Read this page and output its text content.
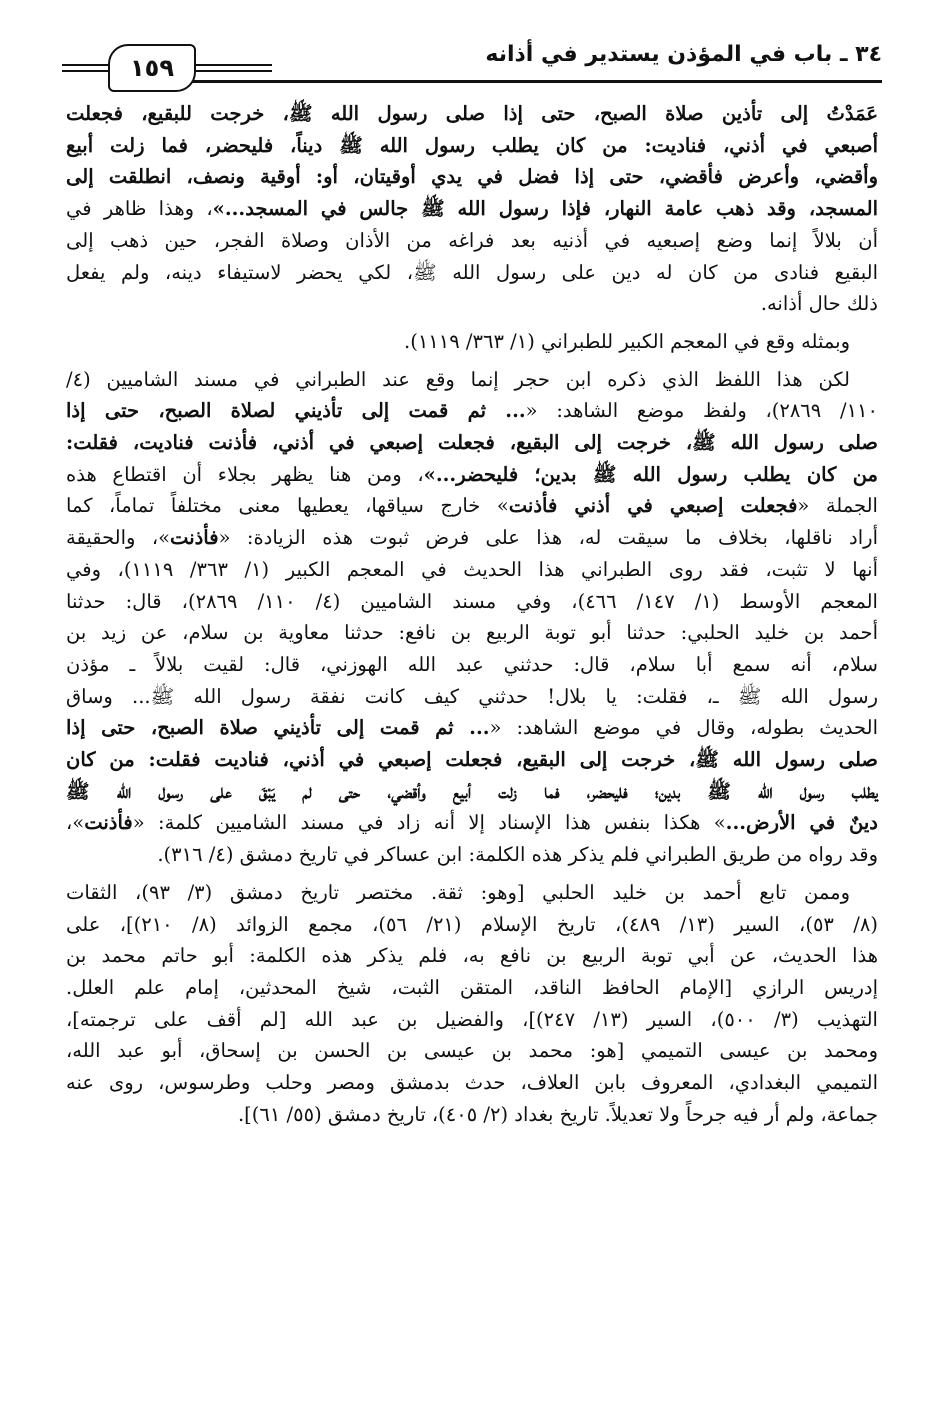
٣٤ ـ باب في المؤذن يستدير في أذانه
١٥٩
عَمَدْتُ إلى تأذين صلاة الصبح، حتى إذا صلى رسول الله ﷺ، خرجت للبقيع، فجعلت
أصبعي في أذني، فناديت: من كان يطلب رسول الله ﷺ ديناً، فليحضر، فما زلت أبيع
وأقضي، وأعرض فأقضي، حتى إذا فضل في يدي أوقيتان، أو: أوقية ونصف، انطلقت إلى
المسجد، وقد ذهب عامة النهار، فإذا رسول الله ﷺ جالس في المسجد...»، وهذا ظاهر في
أن بلالاً إنما وضع إصبعيه في أذنيه بعد فراغه من الأذان وصلاة الفجر، حين ذهب إلى
البقيع فنادى من كان له دين على رسول الله ﷺ، لكي يحضر لاستيفاء دينه، ولم يفعل
ذلك حال أذانه.
وبمثله وقع في المعجم الكبير للطبراني (١/ ٣٦٣/ ١١١٩).
لكن هذا اللفظ الذي ذكره ابن حجر إنما وقع عند الطبراني في مسند الشاميين (٤/
١١٠/ ٢٨٦٩)، ولفظ موضع الشاهد: «... ثم قمت إلى تأذيني لصلاة الصبح، حتى إذا
صلى رسول الله ﷺ، خرجت إلى البقيع، فجعلت إصبعي في أذني، فأذنت فناديت، فقلت:
من كان يطلب رسول الله ﷺ بدين؛ فليحضر...»، ومن هنا يظهر بجلاء أن اقتطاع هذه
الجملة «فجعلت إصبعي في أذني فأذنت» خارج سياقها، يعطيها معنى مختلفاً تماماً، كما
أراد ناقلها، بخلاف ما سيقت له، هذا على فرض ثبوت هذه الزيادة: «فأذنت»، والحقيقة
أنها لا تثبت، فقد روى الطبراني هذا الحديث في المعجم الكبير (١/ ٣٦٣/ ١١١٩)، وفي
المعجم الأوسط (١/ ١٤٧/ ٤٦٦)، وفي مسند الشاميين (٤/ ١١٠/ ٢٨٦٩)، قال: حدثنا
أحمد بن خليد الحلبي: حدثنا أبو توبة الربيع بن نافع: حدثنا معاوية بن سلام، عن زيد بن
سلام، أنه سمع أبا سلام، قال: حدثني عبد الله الهوزني، قال: لقيت بلالاً ـ مؤذن
رسول الله ﷺ ـ، فقلت: يا بلال! حدثني كيف كانت نفقة رسول الله ﷺ... وساق
الحديث بطوله، وقال في موضع الشاهد: «... ثم قمت إلى تأذيني صلاة الصبح، حتى إذا
صلى رسول الله ﷺ، خرجت إلى البقيع، فجعلت إصبعي في أذني، فناديت فقلت: من كان
يطلب رسول الله ﷺ بدين؛ فليحضر، فما زلت أبيع وأقضي، حتى لم يَبْقَ على رسول الله ﷺ
دينٌ في الأرض...» هكذا بنفس هذا الإسناد إلا أنه زاد في مسند الشاميين كلمة: «فأذنت»،
وقد رواه من طريق الطبراني فلم يذكر هذه الكلمة: ابن عساكر في تاريخ دمشق (٤/ ٣١٦).
وممن تابع أحمد بن خليد الحلبي [وهو: ثقة. مختصر تاريخ دمشق (٣/ ٩٣)، الثقات
(٨/ ٥٣)، السير (١٣/ ٤٨٩)، تاريخ الإسلام (٢١/ ٥٦)، مجمع الزوائد (٨/ ٢١٠)]، على
هذا الحديث، عن أبي توبة الربيع بن نافع به، فلم يذكر هذه الكلمة: أبو حاتم محمد بن
إدريس الرازي [الإمام الحافظ الناقد، المتقن الثبت، شيخ المحدثين، إمام علم العلل.
التهذيب (٣/ ٥٠٠)، السير (١٣/ ٢٤٧)]، والفضيل بن عبد الله [لم أقف على ترجمته]،
ومحمد بن عيسى التميمي [هو: محمد بن عيسى بن الحسن بن إسحاق، أبو عبد الله،
التميمي البغدادي، المعروف بابن العلاف، حدث بدمشق ومصر وحلب وطرسوس، روى عنه
جماعة، ولم أر فيه جرحاً ولا تعديلاً. تاريخ بغداد (٢/ ٤٠٥)، تاريخ دمشق (٥٥/ ٦١)].
